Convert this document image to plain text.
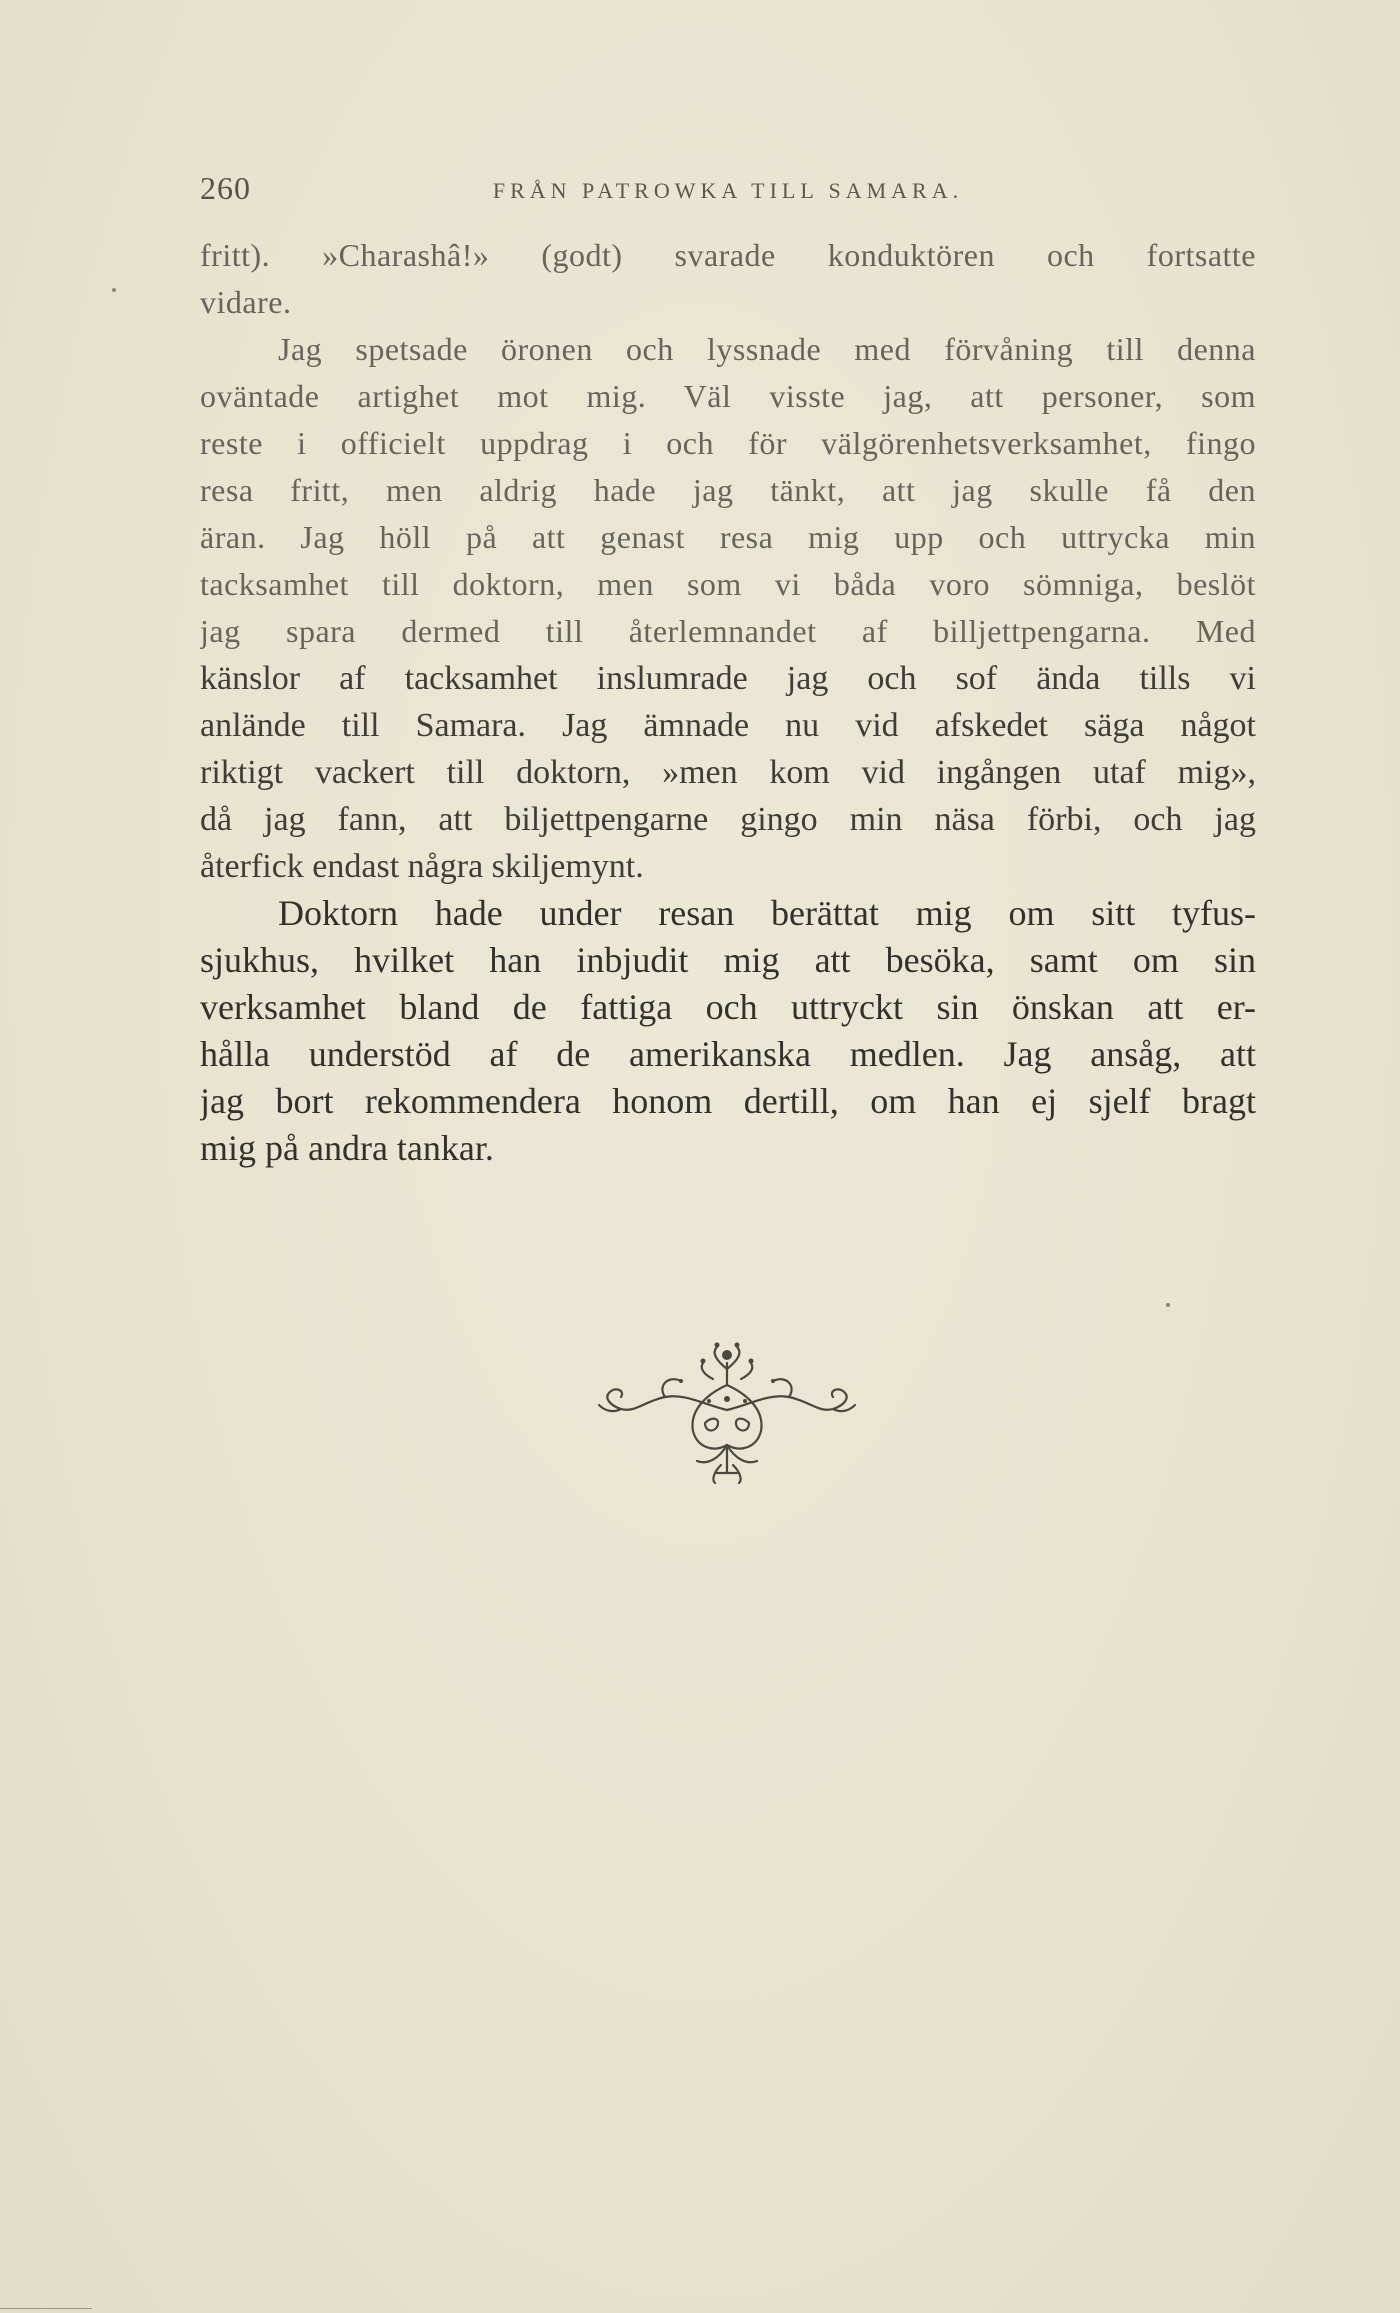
260	FRÅN PATROWKA TILL SAMARA.
fritt). »Charashâ!» (godt) svarade konduktören och fortsatte
vidare.
Jag spetsade öronen och lyssnade med förvåning till denna
oväntade artighet mot mig. Väl visste jag, att personer, som
reste i officielt uppdrag i och för välgörenhetsverksamhet, fingo
resa fritt, men aldrig hade jag tänkt, att jag skulle få den
äran. Jag höll på att genast resa mig upp och uttrycka min
tacksamhet till doktorn, men som vi båda voro sömniga, beslöt
jag spara dermed till återlemnandet af billjettpengarna. Med
känslor af tacksamhet inslumrade jag och sof ända tills vi
anlände till Samara. Jag ämnade nu vid afskedet säga något
riktigt vackert till doktorn, »men kom vid ingången utaf mig»,
då jag fann, att biljettpengarne gingo min näsa förbi, och jag
återfick endast några skiljemynt.
Doktorn hade under resan berättat mig om sitt tyfus-
sjukhus, hvilket han inbjudit mig att besöka, samt om sin
verksamhet bland de fattiga och uttryckt sin önskan att er-
hålla understöd af de amerikanska medlen. Jag ansåg, att
jag bort rekommendera honom dertill, om han ej sjelf bragt
mig på andra tankar.
